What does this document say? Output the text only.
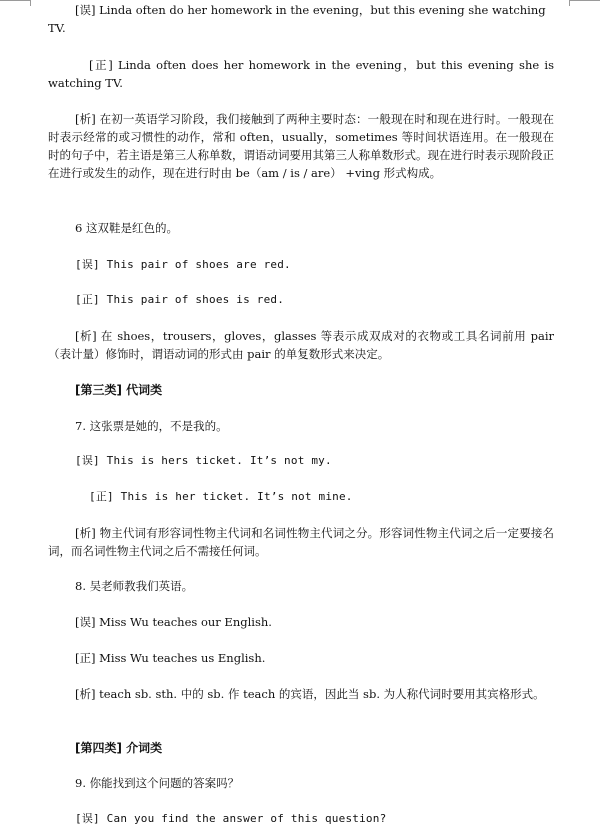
[误] Linda often do her homework in the evening，but this evening she watching TV.

[正] Linda often does her homework in the evening，but this evening she is watching TV.

[析] 在初一英语学习阶段，我们接触到了两种主要时态：一般现在时和现在进行时。一般现在时表示经常的或习惯性的动作，常和 often，usually，sometimes 等时间状语连用。在一般现在时的句子中，若主语是第三人称单数，谓语动词要用其第三人称单数形式。现在进行时表示现阶段正在进行或发生的动作，现在进行时由 be（am / is / are） +ving 形式构成。

6 这双鞋是红色的。

[误] This pair of shoes are red.

[正] This pair of shoes is red.

[析] 在 shoes，trousers，gloves，glasses 等表示成双成对的衣物或工具名词前用 pair（表计量）修饰时，谓语动词的形式由 pair 的单复数形式来决定。

[第三类] 代词类

7. 这张票是她的，不是我的。

[误] This is hers ticket. It’s not my.

[正] This is her ticket. It’s not mine.

[析] 物主代词有形容词性物主代词和名词性物主代词之分。形容词性物主代词之后一定要接名词，而名词性物主代词之后不需接任何词。

8. 吴老师教我们英语。

[误] Miss Wu teaches our English.

[正] Miss Wu teaches us English.

[析] teach sb. sth. 中的 sb. 作 teach 的宾语，因此当 sb. 为人称代词时要用其宾格形式。

[第四类] 介词类

9. 你能找到这个问题的答案吗？

[误] Can you find the answer of this question?
